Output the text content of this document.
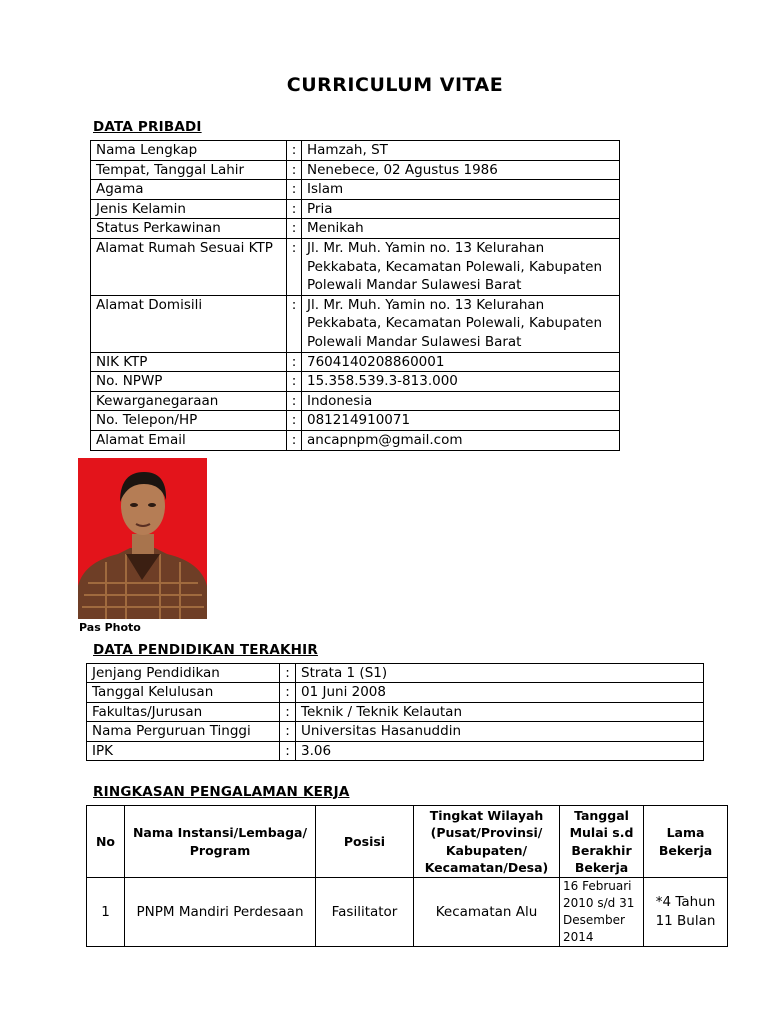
CURRICULUM VITAE
DATA PRIBADI
Nama Lengkap	:	Hamzah, ST
Tempat, Tanggal Lahir	:	Nenebece, 02 Agustus 1986
Agama	:	Islam
Jenis Kelamin	:	Pria
Status Perkawinan	:	Menikah
Alamat Rumah Sesuai KTP	:	Jl. Mr. Muh. Yamin no. 13 Kelurahan Pekkabata, Kecamatan Polewali, Kabupaten Polewali Mandar Sulawesi Barat
Alamat Domisili	:	Jl. Mr. Muh. Yamin no. 13 Kelurahan Pekkabata, Kecamatan Polewali, Kabupaten Polewali Mandar Sulawesi Barat
NIK KTP	:	7604140208860001
No. NPWP	:	15.358.539.3-813.000
Kewarganegaraan	:	Indonesia
No. Telepon/HP	:	081214910071
Alamat Email	:	ancapnpm@gmail.com
Pas Photo
DATA PENDIDIKAN TERAKHIR
Jenjang Pendidikan	:	Strata 1 (S1)
Tanggal Kelulusan	:	01 Juni 2008
Fakultas/Jurusan	:	Teknik / Teknik Kelautan
Nama Perguruan Tinggi	:	Universitas Hasanuddin
IPK	:	3.06
RINGKASAN PENGALAMAN KERJA
No	Nama Instansi/Lembaga/ Program	Posisi	Tingkat Wilayah (Pusat/Provinsi/ Kabupaten/ Kecamatan/Desa)	Tanggal Mulai s.d Berakhir Bekerja	Lama Bekerja
1	PNPM Mandiri Perdesaan	Fasilitator	Kecamatan Alu	16 Februari 2010 s/d 31 Desember 2014	*4 Tahun 11 Bulan
